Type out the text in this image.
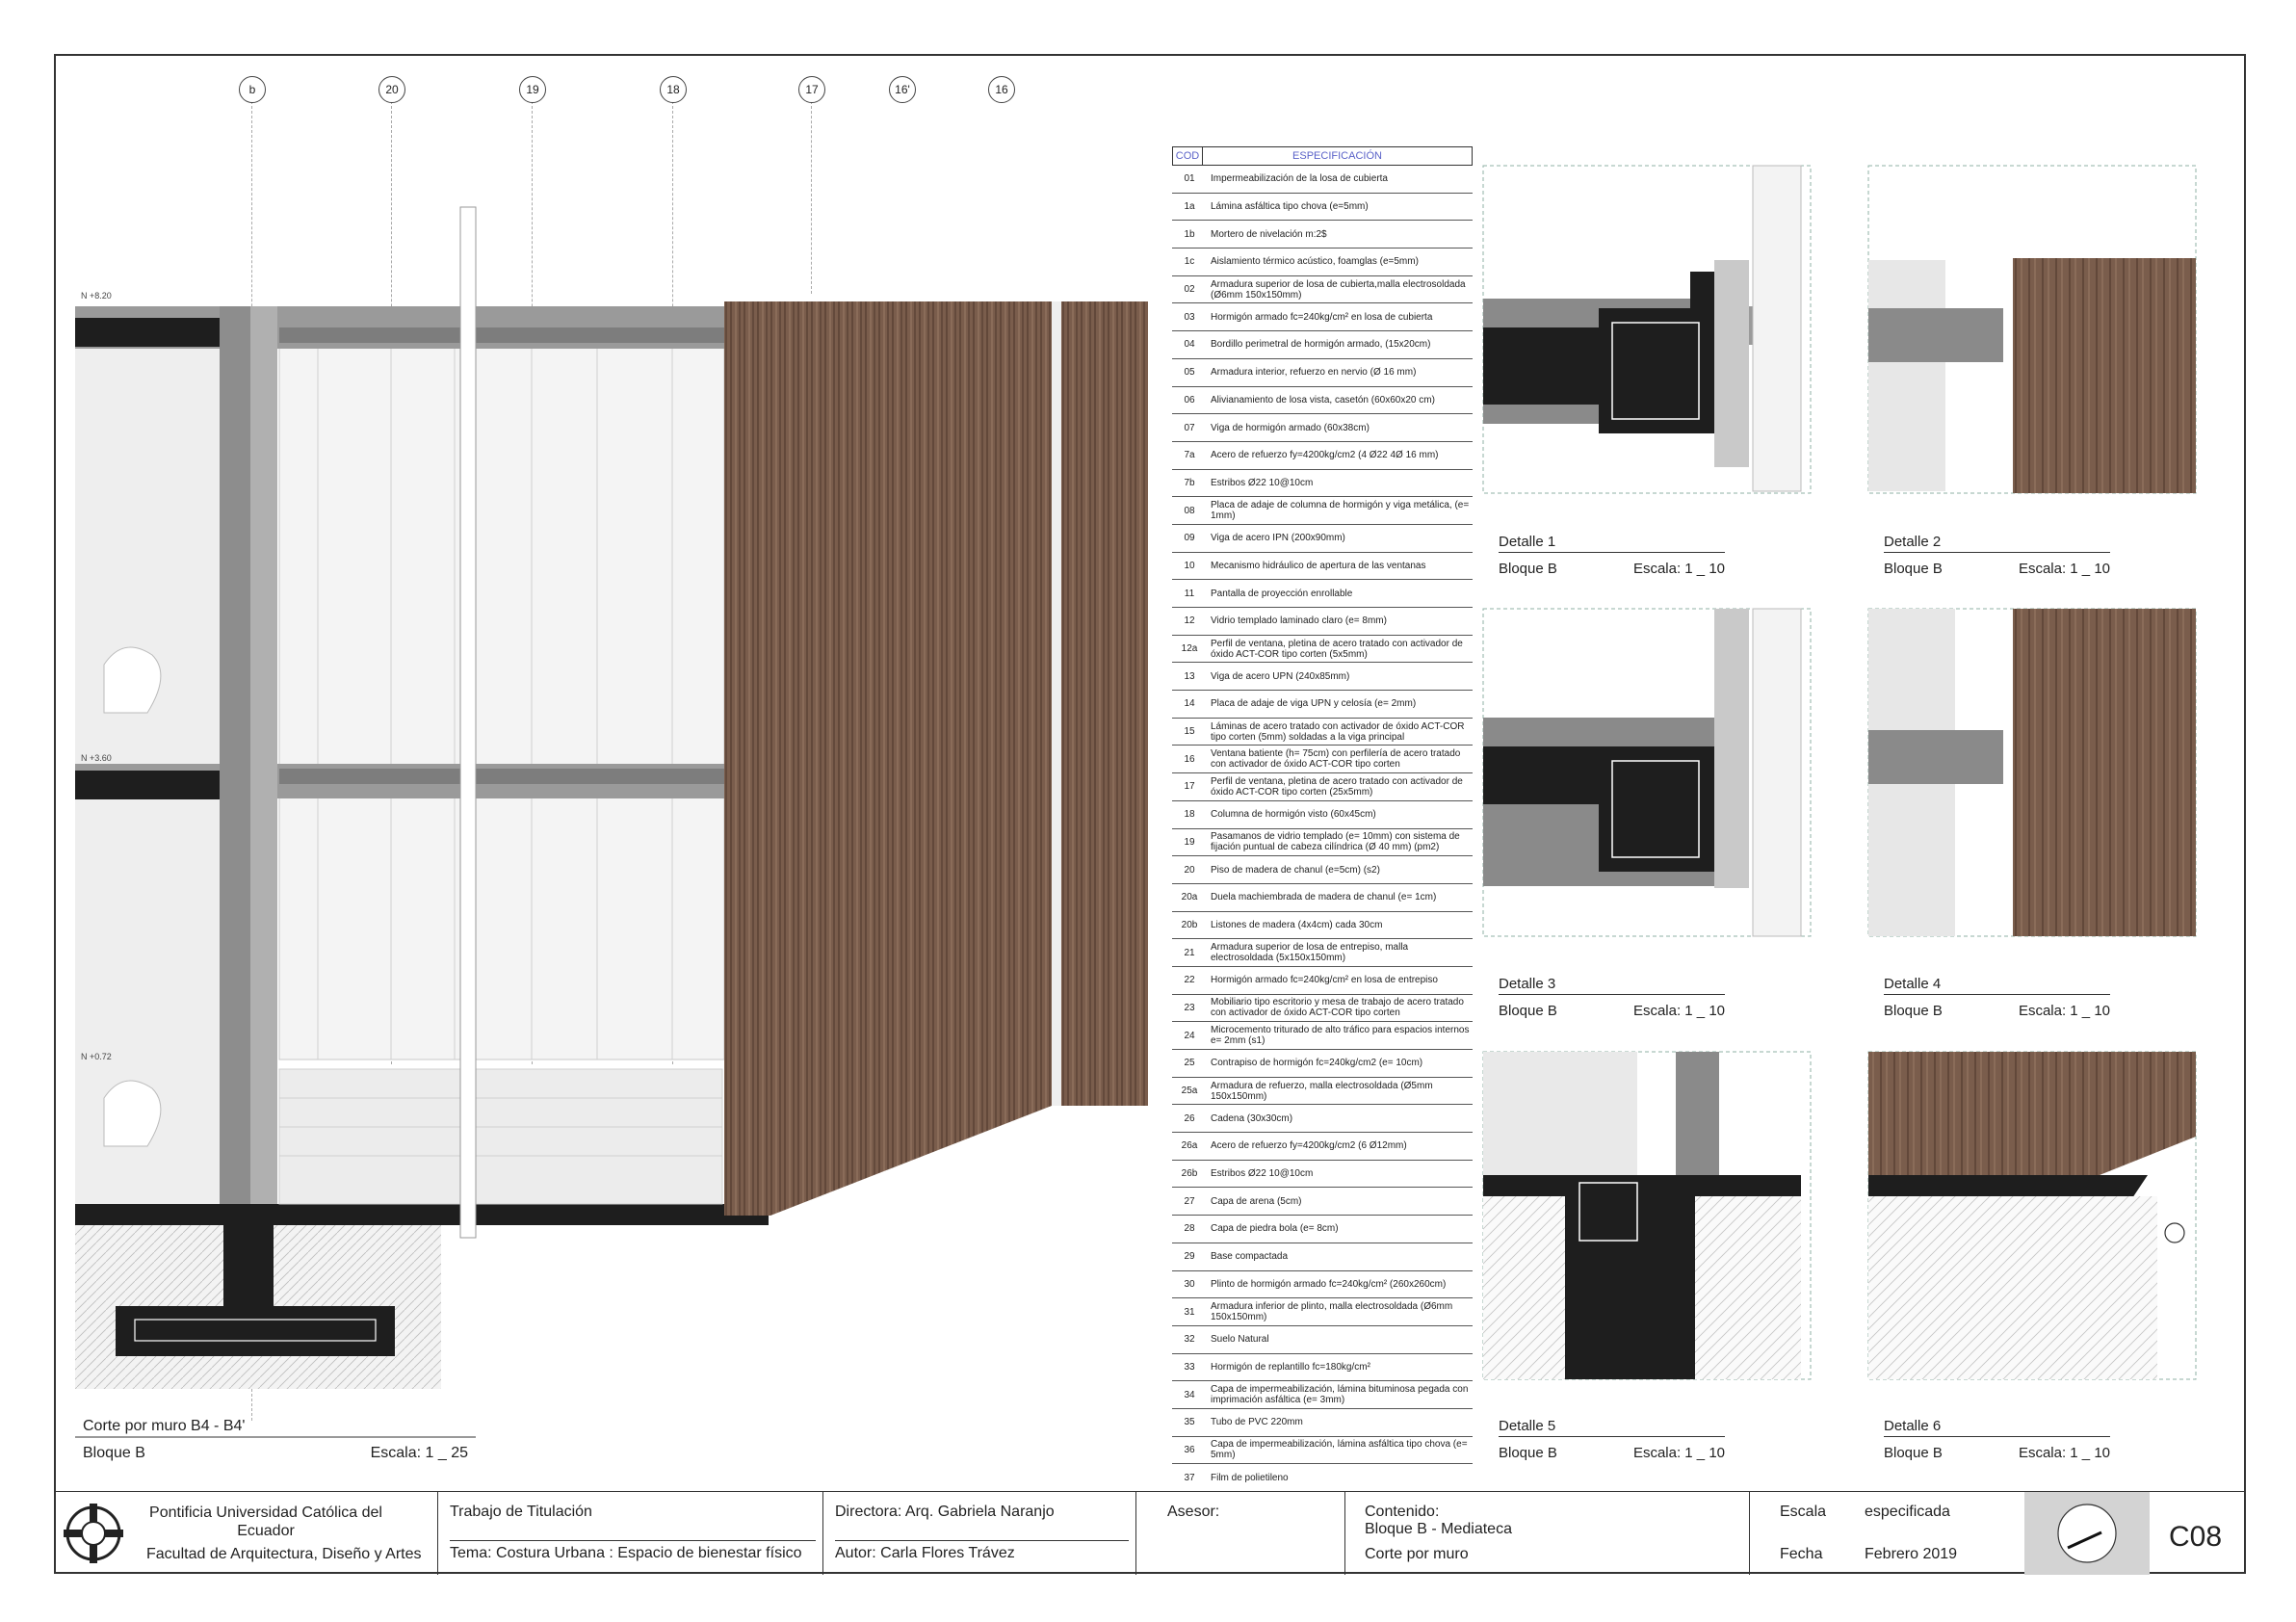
b	20	19	18	17	16'	16
N +8.20
N +3.60
N +0.72
Corte por muro B4 - B4'
Bloque B	Escala: 1 _ 25
COD	ESPECIFICACIÓN
01	Impermeabilización de la losa de cubierta
1a	Lámina asfáltica tipo chova (e=5mm)
1b	Mortero de nivelación m:2$
1c	Aislamiento térmico acústico, foamglas (e=5mm)
02	Armadura superior de losa de cubierta,malla electrosoldada (Ø6mm 150x150mm)
03	Hormigón armado fc=240kg/cm² en losa de cubierta
04	Bordillo perimetral de hormigón armado, (15x20cm)
05	Armadura interior, refuerzo en nervio (Ø 16 mm)
06	Alivianamiento de losa vista, casetón (60x60x20 cm)
07	Viga de hormigón armado (60x38cm)
7a	Acero de refuerzo fy=4200kg/cm2 (4 Ø22 4Ø 16 mm)
7b	Estribos Ø22 10@10cm
08	Placa de adaje de columna de hormigón y viga metálica, (e= 1mm)
09	Viga de acero IPN (200x90mm)
10	Mecanismo hidráulico de apertura de las ventanas
11	Pantalla de proyección enrollable
12	Vidrio templado laminado claro (e= 8mm)
12a	Perfil de ventana, pletina de acero tratado con activador de óxido ACT-COR tipo corten (5x5mm)
13	Viga de acero UPN (240x85mm)
14	Placa de adaje de viga UPN y celosía (e= 2mm)
15	Láminas de acero tratado con activador de óxido ACT-COR tipo corten (5mm) soldadas a la viga principal
16	Ventana batiente (h= 75cm) con perfilería de acero tratado con activador de óxido ACT-COR tipo corten
17	Perfil de ventana, pletina de acero tratado con activador de óxido ACT-COR tipo corten (25x5mm)
18	Columna de hormigón visto (60x45cm)
19	Pasamanos de vidrio templado (e= 10mm) con sistema de fijación puntual de cabeza cilíndrica (Ø 40 mm) (pm2)
20	Piso de madera de chanul (e=5cm) (s2)
20a	Duela machiembrada de madera de chanul (e= 1cm)
20b	Listones de madera (4x4cm) cada 30cm
21	Armadura superior de losa de entrepiso, malla electrosoldada (5x150x150mm)
22	Hormigón armado fc=240kg/cm² en losa de entrepiso
23	Mobiliario tipo escritorio y mesa de trabajo de acero tratado con activador de óxido ACT-COR tipo corten
24	Microcemento triturado de alto tráfico para espacios internos e= 2mm (s1)
25	Contrapiso de hormigón fc=240kg/cm2 (e= 10cm)
25a	Armadura de refuerzo, malla electrosoldada (Ø5mm 150x150mm)
26	Cadena (30x30cm)
26a	Acero de refuerzo fy=4200kg/cm2 (6 Ø12mm)
26b	Estribos Ø22 10@10cm
27	Capa de arena (5cm)
28	Capa de piedra bola (e= 8cm)
29	Base compactada
30	Plinto de hormigón armado fc=240kg/cm² (260x260cm)
31	Armadura inferior de plinto, malla electrosoldada (Ø6mm 150x150mm)
32	Suelo Natural
33	Hormigón de replantillo fc=180kg/cm²
34	Capa de impermeabilización, lámina bituminosa pegada con imprimación asfáltica (e= 3mm)
35	Tubo de PVC 220mm
36	Capa de impermeabilización, lámina asfáltica tipo chova (e= 5mm)
37	Film de polietileno
Detalle 1
Bloque B	Escala: 1 _ 10
Detalle 2
Bloque B	Escala: 1 _ 10
Detalle 3
Bloque B	Escala: 1 _ 10
Detalle 4
Bloque B	Escala: 1 _ 10
Detalle 5
Bloque B	Escala: 1 _ 10
Detalle 6
Bloque B	Escala: 1 _ 10
Pontificia Universidad Católica del Ecuador
Facultad de Arquitectura, Diseño y Artes
Trabajo de Titulación
Tema: Costura Urbana : Espacio de bienestar físico
Directora: Arq. Gabriela Naranjo
Autor: Carla Flores Trávez
Asesor:	Contenido:
Bloque B - Mediateca
Corte por muro
Escala especificada
Fecha	Febrero 2019
C08
